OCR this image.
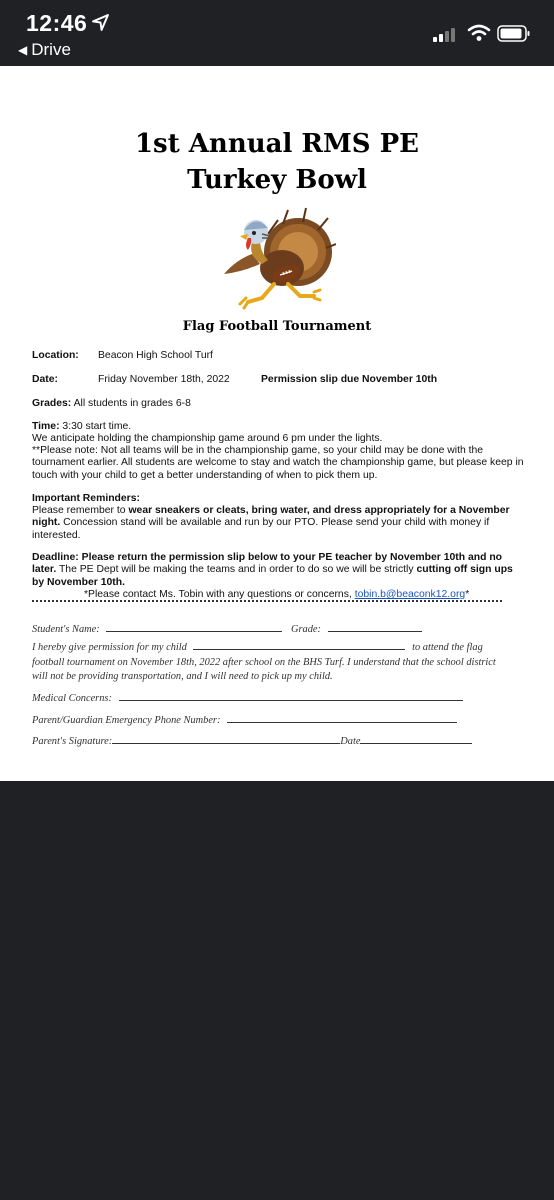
12:46
◀ Drive
1st Annual RMS PE
Turkey Bowl
Flag Football Tournament
Location: Beacon High School Turf
Date:	Friday November 18th, 2022	Permission slip due November 10th
Grades: All students in grades 6-8
Time: 3:30 start time.
We anticipate holding the championship game around 6 pm under the lights.
**Please note: Not all teams will be in the championship game, so your child may be done with the tournament earlier. All students are welcome to stay and watch the championship game, but please keep in touch with your child to get a better understanding of when to pick them up.
Important Reminders:
Please remember to wear sneakers or cleats, bring water, and dress appropriately for a November night. Concession stand will be available and run by our PTO. Please send your child with money if interested.
Deadline: Please return the permission slip below to your PE teacher by November 10th and no later. The PE Dept will be making the teams and in order to do so we will be strictly cutting off sign ups by November 10th.
*Please contact Ms. Tobin with any questions or concerns, tobin.b@beaconk12.org*
Student's Name:	Grade:
I hereby give permission for my child	to attend the flag
football tournament on November 18th, 2022 after school on the BHS Turf. I understand that the school district
will not be providing transportation, and I will need to pick up my child.
Medical Concerns:
Parent/Guardian Emergency Phone Number:
Parent's Signature:	Date
